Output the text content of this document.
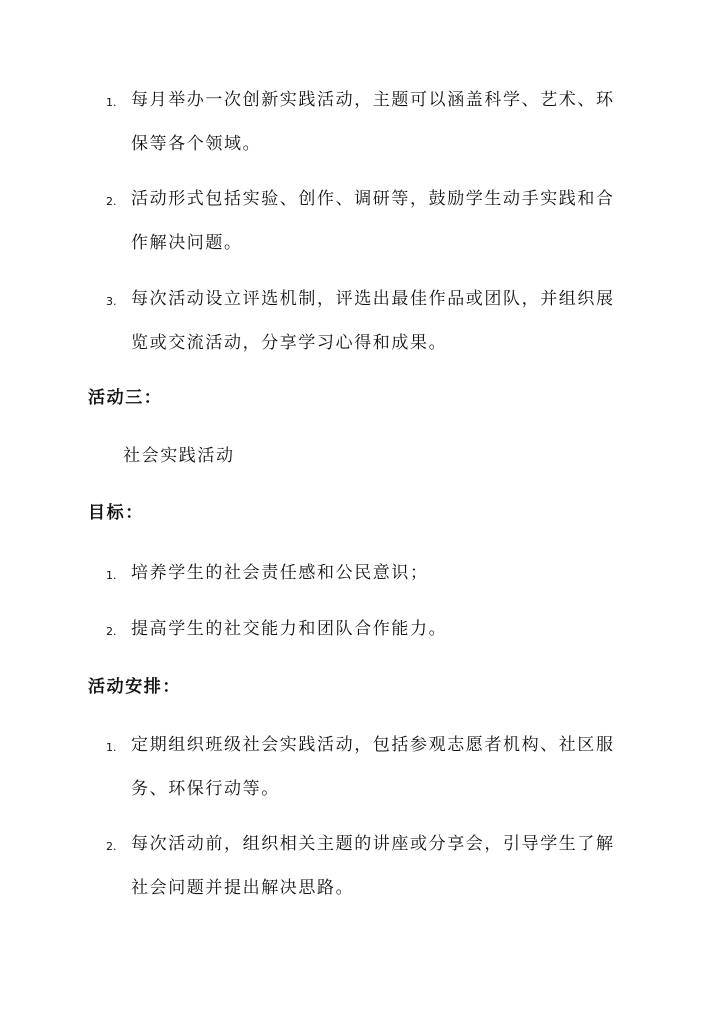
1. 每月举办一次创新实践活动，主题可以涵盖科学、艺术、环
保等各个领域。
2. 活动形式包括实验、创作、调研等，鼓励学生动手实践和合
作解决问题。
3. 每次活动设立评选机制，评选出最佳作品或团队，并组织展
览或交流活动，分享学习心得和成果。
活动三：
社会实践活动
目标：
1. 培养学生的社会责任感和公民意识；
2. 提高学生的社交能力和团队合作能力。
活动安排：
1. 定期组织班级社会实践活动，包括参观志愿者机构、社区服
务、环保行动等。
2. 每次活动前，组织相关主题的讲座或分享会，引导学生了解
社会问题并提出解决思路。
